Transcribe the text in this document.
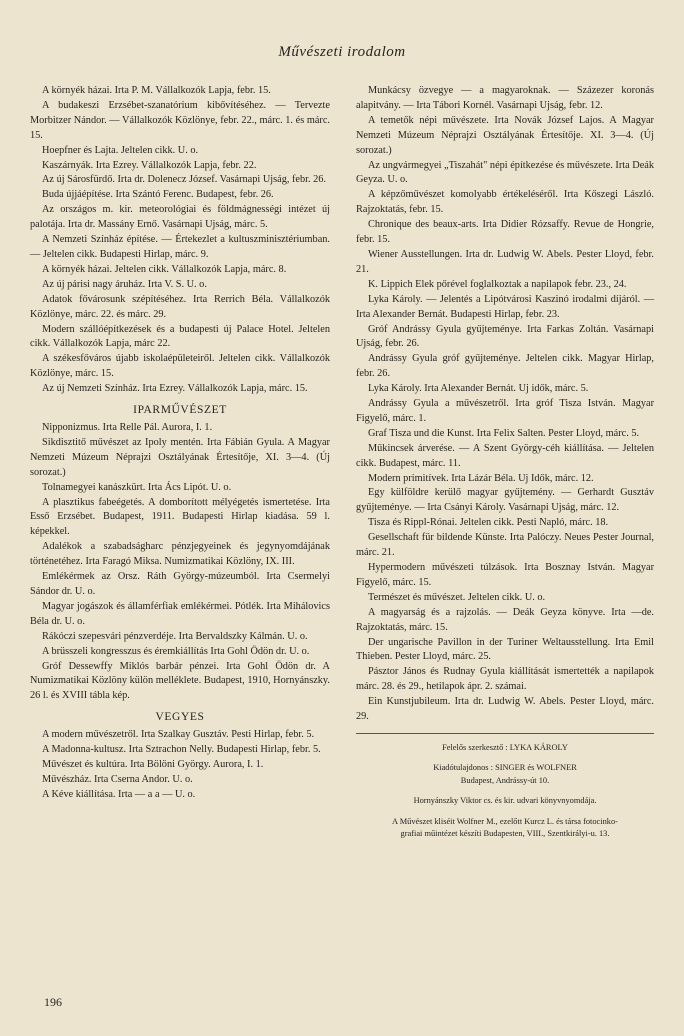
Művészeti irodalom

A környék házai. Irta P. M. Vállalkozók Lapja, febr. 15.

A budakeszi Erzsébet-szanatórium kibővítéséhez. — Tervezte Morbitzer Nándor. — Vállalkozók Közlönye, febr. 22., márc. 1. és márc. 15.

Hoepfner és Lajta. Jeltelen cikk. U. o.

Kaszárnyák. Irta Ezrey. Vállalkozók Lapja, febr. 22.

Az új Sárosfürdő. Irta dr. Dolenecz József. Vasárnapi Ujság, febr. 26.

Buda újjáépítése. Irta Szántó Ferenc. Budapest, febr. 26.

Az országos m. kir. meteorológiai és földmágnességi intézet új palotája. Irta dr. Massány Ernő. Vasárnapi Ujság, márc. 5.

A Nemzeti Színház építése. — Értekezlet a kultuszminisztériumban. — Jeltelen cikk. Budapesti Hirlap, márc. 9.

A környék házai. Jeltelen cikk. Vállalkozók Lapja, márc. 8.

Az új párisi nagy áruház. Irta V. S. U. o.

Adatok fővárosunk szépítéséhez. Irta Rerrich Béla. Vállalkozók Közlönye, márc. 22. és márc. 29.

Modern szállóépítkezések és a budapesti új Palace Hotel. Jeltelen cikk. Vállalkozók Lapja, márc 22.

A székesfőváros újabb iskolaépületeiről. Jeltelen cikk. Vállalkozók Közlönye, márc. 15.

Az új Nemzeti Színház. Irta Ezrey. Vállalkozók Lapja, márc. 15.

IPARMŰVÉSZET

Nipponizmus. Irta Relle Pál. Aurora, I. 1.

Sikdisztitő művészet az Ipoly mentén. Irta Fábián Gyula. A Magyar Nemzeti Múzeum Néprajzi Osztályának Értesítője, XI. 3—4. (Új sorozat.)

Tolnamegyei kanászkürt. Irta Ács Lipót. U. o.

A plasztikus fabeégetés. A domborított mélyégetés ismertetése. Irta Esső Erzsébet. Budapest, 1911. Budapesti Hirlap kiadása. 59 l. képekkel.

Adalékok a szabadságharc pénzjegyeinek és jegynyomdájának történetéhez. Irta Faragó Miksa. Numizmatikai Közlöny, IX. III.

Emlékérmek az Orsz. Ráth György-múzeumból. Irta Csermelyi Sándor dr. U. o.

Magyar jogászok és államférfiak emlékérmei. Pótlék. Irta Mihálovics Béla dr. U. o.

Rákóczi szepesvári pénzverdéje. Irta Bervaldszky Kálmán. U. o.

A brüsszeli kongresszus és éremkiállítás Irta Gohl Ödön dr. U. o.

Gróf Dessewffy Miklós barbár pénzei. Irta Gohl Ödön dr. A Numizmatikai Közlöny külön melléklete. Budapest, 1910, Hornyánszky. 26 l. és XVIII tábla kép.

VEGYES

A modern művészetről. Irta Szalkay Gusztáv. Pesti Hirlap, febr. 5.

A Madonna-kultusz. Irta Sztrachon Nelly. Budapesti Hirlap, febr. 5.

Művészet és kultúra. Irta Bölöni György. Aurora, I. 1.

Művészház. Irta Cserna Andor. U. o.

A Kéve kiállítása. Irta — a a — U. o.

Munkácsy özvegye — a magyaroknak. — Százezer koronás alapitvány. — Irta Tábori Kornél. Vasárnapi Ujság, febr. 12.

A temetők népi művészete. Irta Novák József Lajos. A Magyar Nemzeti Múzeum Néprajzi Osztályának Értesítője. XI. 3—4. (Új sorozat.)

Az ungvármegyei „Tiszahát" népi építkezése és művészete. Irta Deák Geyza. U. o.

A képzőművészet komolyabb értékeléséről. Irta Kőszegi László. Rajzoktatás, febr. 15.

Chronique des beaux-arts. Irta Didier Rózsaffy. Revue de Hongrie, febr. 15.

Wiener Ausstellungen. Irta dr. Ludwig W. Abels. Pester Lloyd, febr. 21.

K. Lippich Elek pőrével foglalkoztak a napilapok febr. 23., 24.

Lyka Károly. — Jelentés a Lipótvárosi Kaszinó irodalmi díjáról. — Irta Alexander Bernát. Budapesti Hirlap, febr. 23.

Gróf Andrássy Gyula gyűjteménye. Irta Farkas Zoltán. Vasárnapi Ujság, febr. 26.

Andrássy Gyula gróf gyűjteménye. Jeltelen cikk. Magyar Hirlap, febr. 26.

Lyka Károly. Irta Alexander Bernát. Uj idők, márc. 5.

Andrássy Gyula a művészetről. Irta gróf Tisza István. Magyar Figyelő, márc. 1.

Graf Tisza und die Kunst. Irta Felix Salten. Pester Lloyd, márc. 5.

Műkincsek árverése. — A Szent György-céh kiállítása. — Jeltelen cikk. Budapest, márc. 11.

Modern primitívek. Irta Lázár Béla. Uj Idők, márc. 12.

Egy külföldre kerülő magyar gyűjtemény. — Gerhardt Gusztáv gyűjteménye. — Irta Csányi Károly. Vasárnapi Ujság, márc. 12.

Tisza és Rippl-Rónai. Jeltelen cikk. Pesti Napló, márc. 18.

Gesellschaft für bildende Künste. Irta Palóczy. Neues Pester Journal, márc. 21.

Hypermodern művészeti túlzások. Irta Bosznay István. Magyar Figyelő, márc. 15.

Természet és művészet. Jeltelen cikk. U. o.

A magyarság és a rajzolás. — Deák Geyza könyve. Irta —de. Rajzoktatás, márc. 15.

Der ungarische Pavillon in der Turiner Weltausstellung. Irta Emil Thieben. Pester Lloyd, márc. 25.

Pásztor János és Rudnay Gyula kiállítását ismertették a napilapok márc. 28. és 29., hetilapok ápr. 2. számai.

Ein Kunstjubileum. Irta dr. Ludwig W. Abels. Pester Lloyd, márc. 29.

Felelős szerkesztő : LYKA KÁROLY

Kiadótulajdonos : SINGER és WOLFNER

Budapest, Andrássy-út 10.

Hornyánszky Viktor cs. és kir. udvari könyvnyomdája.

A Művészet kliséit Wolfner M., ezelőtt Kurcz L. és társa fotocinko-

grafiai műintézet készíti Budapesten, VIII., Szentkirályi-u. 13.

196
